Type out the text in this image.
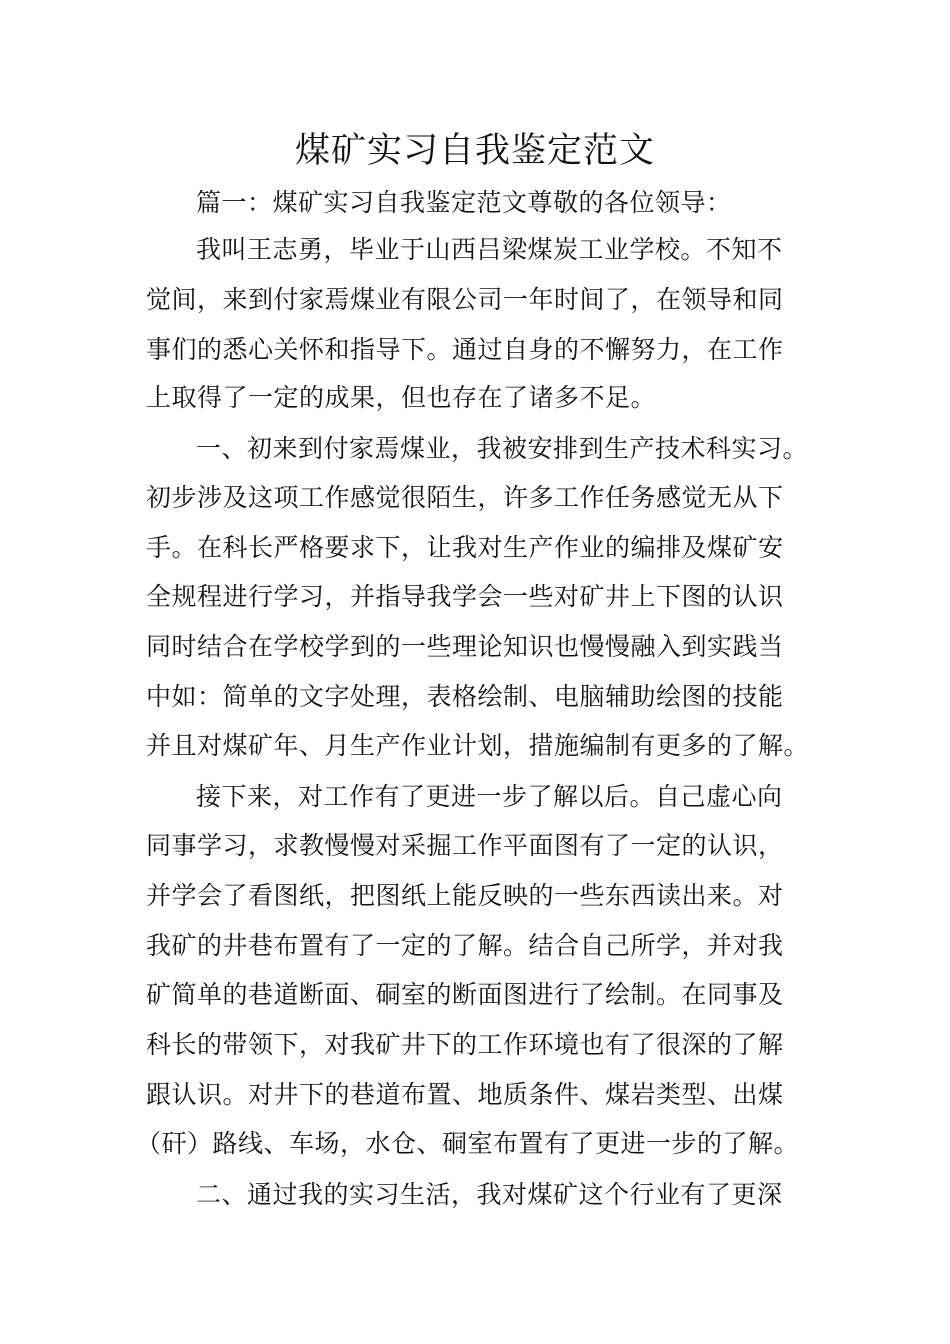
煤矿实习自我鉴定范文
篇一：煤矿实习自我鉴定范文尊敬的各位领导：
我叫王志勇，毕业于山西吕梁煤炭工业学校。不知不
觉间，来到付家焉煤业有限公司一年时间了，在领导和同
事们的悉心关怀和指导下。通过自身的不懈努力，在工作
上取得了一定的成果，但也存在了诸多不足。
一、初来到付家焉煤业，我被安排到生产技术科实习。
初步涉及这项工作感觉很陌生，许多工作任务感觉无从下
手。在科长严格要求下，让我对生产作业的编排及煤矿安
全规程进行学习，并指导我学会一些对矿井上下图的认识
同时结合在学校学到的一些理论知识也慢慢融入到实践当
中如：简单的文字处理，表格绘制、电脑辅助绘图的技能
并且对煤矿年、月生产作业计划，措施编制有更多的了解。
接下来，对工作有了更进一步了解以后。自己虚心向
同事学习，求教慢慢对采掘工作平面图有了一定的认识，
并学会了看图纸，把图纸上能反映的一些东西读出来。对
我矿的井巷布置有了一定的了解。结合自己所学，并对我
矿简单的巷道断面、硐室的断面图进行了绘制。在同事及
科长的带领下，对我矿井下的工作环境也有了很深的了解
跟认识。对井下的巷道布置、地质条件、煤岩类型、出煤
（矸）路线、车场，水仓、硐室布置有了更进一步的了解。
二、通过我的实习生活，我对煤矿这个行业有了更深
